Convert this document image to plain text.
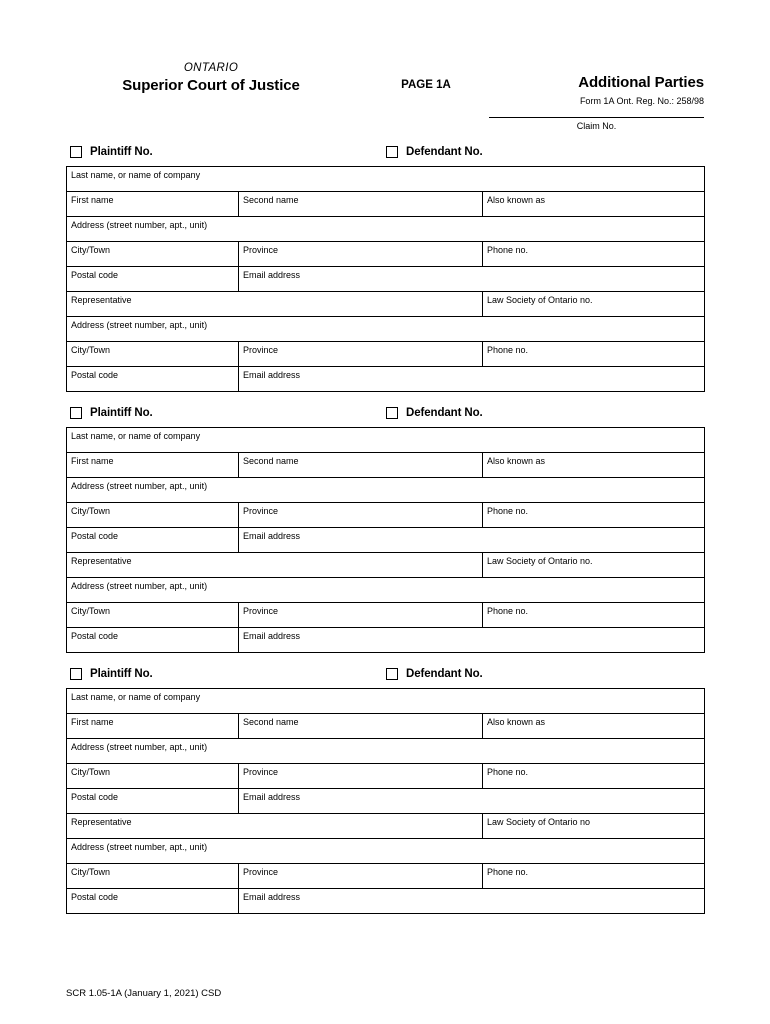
ONTARIO
Superior Court of Justice	PAGE 1A	Additional Parties
Form 1A Ont. Reg. No.: 258/98
Claim No.
Plaintiff No.	Defendant No.
Last name, or name of company		
First name	Second name	Also known as
Address (street number, apt., unit)		
City/Town	Province	Phone no.
Postal code	Email address	
Representative		Law Society of Ontario no.
Address (street number, apt., unit)		
City/Town	Province	Phone no.
Postal code	Email address	
Plaintiff No.	Defendant No.
Last name, or name of company		
First name	Second name	Also known as
Address (street number, apt., unit)		
City/Town	Province	Phone no.
Postal code	Email address	
Representative		Law Society of Ontario no.
Address (street number, apt., unit)		
City/Town	Province	Phone no.
Postal code	Email address	
Plaintiff No.	Defendant No.
Last name, or name of company		
First name	Second name	Also known as
Address (street number, apt., unit)		
City/Town	Province	Phone no.
Postal code	Email address	
Representative		Law Society of Ontario no
Address (street number, apt., unit)		
City/Town	Province	Phone no.
Postal code	Email address	
SCR 1.05-1A (January 1, 2021) CSD
